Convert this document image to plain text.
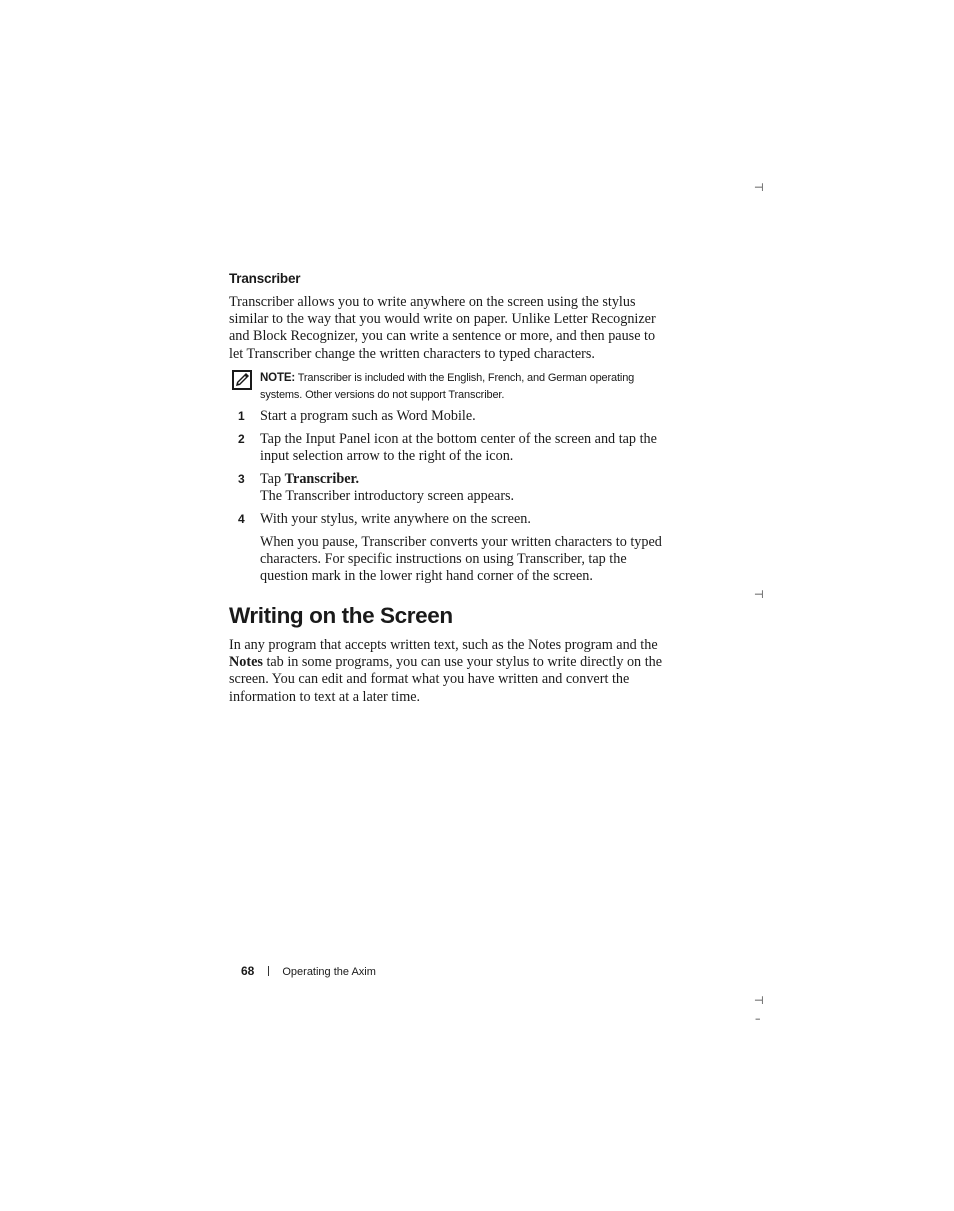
⊣
⊣
⊣
–
Transcriber

Transcriber allows you to write anywhere on the screen using the stylus similar to the way that you would write on paper. Unlike Letter Recognizer and Block Recognizer, you can write a sentence or more, and then pause to let Transcriber change the written characters to typed characters.

NOTE: Transcriber is included with the English, French, and German operating systems. Other versions do not support Transcriber.
1 Start a program such as Word Mobile.
2 Tap the Input Panel icon at the bottom center of the screen and tap the input selection arrow to the right of the icon.
3 Tap Transcriber.
The Transcriber introductory screen appears.
4 With your stylus, write anywhere on the screen.

When you pause, Transcriber converts your written characters to typed characters. For specific instructions on using Transcriber, tap the question mark in the lower right hand corner of the screen.

Writing on the Screen

In any program that accepts written text, such as the Notes program and the Notes tab in some programs, you can use your stylus to write directly on the screen. You can edit and format what you have written and convert the information to text at a later time.

68	Operating the Axim
